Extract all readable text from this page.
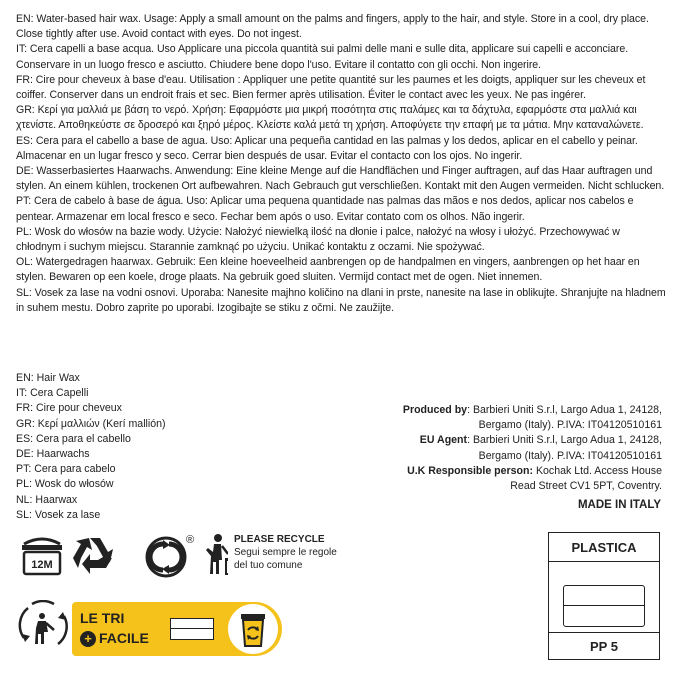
EN: Water-based hair wax. Usage: Apply a small amount on the palms and fingers, apply to the hair, and style. Store in a cool, dry place. Close tightly after use. Avoid contact with eyes. Do not ingest.

IT: Cera capelli a base acqua. Uso Applicare una piccola quantità sui palmi delle mani e sulle dita, applicare sui capelli e acconciare. Conservare in un luogo fresco e asciutto. Chiudere bene dopo l'uso. Evitare il contatto con gli occhi. Non ingerire.

FR: Cire pour cheveux à base d'eau. Utilisation : Appliquer une petite quantité sur les paumes et les doigts, appliquer sur les cheveux et coiffer. Conserver dans un endroit frais et sec. Bien fermer après utilisation. Éviter le contact avec les yeux. Ne pas ingérer.

GR: Κερί για μαλλιά με βάση το νερό. Χρήση: Εφαρμόστε μια μικρή ποσότητα στις παλάμες και τα δάχτυλα, εφαρμόστε στα μαλλιά και χτενίστε. Αποθηκεύστε σε δροσερό και ξηρό μέρος. Κλείστε καλά μετά τη χρήση. Αποφύγετε την επαφή με τα μάτια. Μην καταναλώνετε.

ES: Cera para el cabello a base de agua. Uso: Aplicar una pequeña cantidad en las palmas y los dedos, aplicar en el cabello y peinar. Almacenar en un lugar fresco y seco. Cerrar bien después de usar. Evitar el contacto con los ojos. No ingerir.

DE: Wasserbasiertes Haarwachs. Anwendung: Eine kleine Menge auf die Handflächen und Finger auftragen, auf das Haar auftragen und stylen. An einem kühlen, trockenen Ort aufbewahren. Nach Gebrauch gut verschließen. Kontakt mit den Augen vermeiden. Nicht schlucken.

PT: Cera de cabelo à base de água. Uso: Aplicar uma pequena quantidade nas palmas das mãos e nos dedos, aplicar nos cabelos e pentear. Armazenar em local fresco e seco. Fechar bem após o uso. Evitar contato com os olhos. Não ingerir.

PL: Wosk do włosów na bazie wody. Użycie: Nałożyć niewielką ilość na dłonie i palce, nałożyć na włosy i ułożyć. Przechowywać w chłodnym i suchym miejscu. Starannie zamknąć po użyciu. Unikać kontaktu z oczami. Nie spożywać.

OL: Watergedragen haarwax. Gebruik: Een kleine hoeveelheid aanbrengen op de handpalmen en vingers, aanbrengen op het haar en stylen. Bewaren op een koele, droge plaats. Na gebruik goed sluiten. Vermijd contact met de ogen. Niet innemen.

SL: Vosek za lase na vodni osnovi. Uporaba: Nanesite majhno količino na dlani in prste, nanesite na lase in oblikujte. Shranjujte na hladnem in suhem mestu. Dobro zaprite po uporabi. Izogibajte se stiku z očmi. Ne zaužijte.

EN: Hair Wax
IT: Cera Capelli
FR: Cire pour cheveux
GR: Κερί μαλλιών (Kerí mallión)
ES: Cera para el cabello
DE: Haarwachs
PT: Cera para cabelo
PL: Wosk do włosów
NL: Haarwax
SL: Vosek za lase
Produced by: Barbieri Uniti S.r.l, Largo Adua 1, 24128,
Bergamo (Italy). P.IVA: IT04120510161
EU Agent: Barbieri Uniti S.r.l, Largo Adua 1, 24128,
Bergamo (Italy). P.IVA: IT04120510161
U.K Responsible person: Kochak Ltd. Access House
Read Street CV1 5PT, Coventry.
MADE IN ITALY
12M
®	PLEASE RECYCLE
Segui sempre le regole
del tuo comune
PLASTICA
PP 5
LE TRI
+ FACILE
